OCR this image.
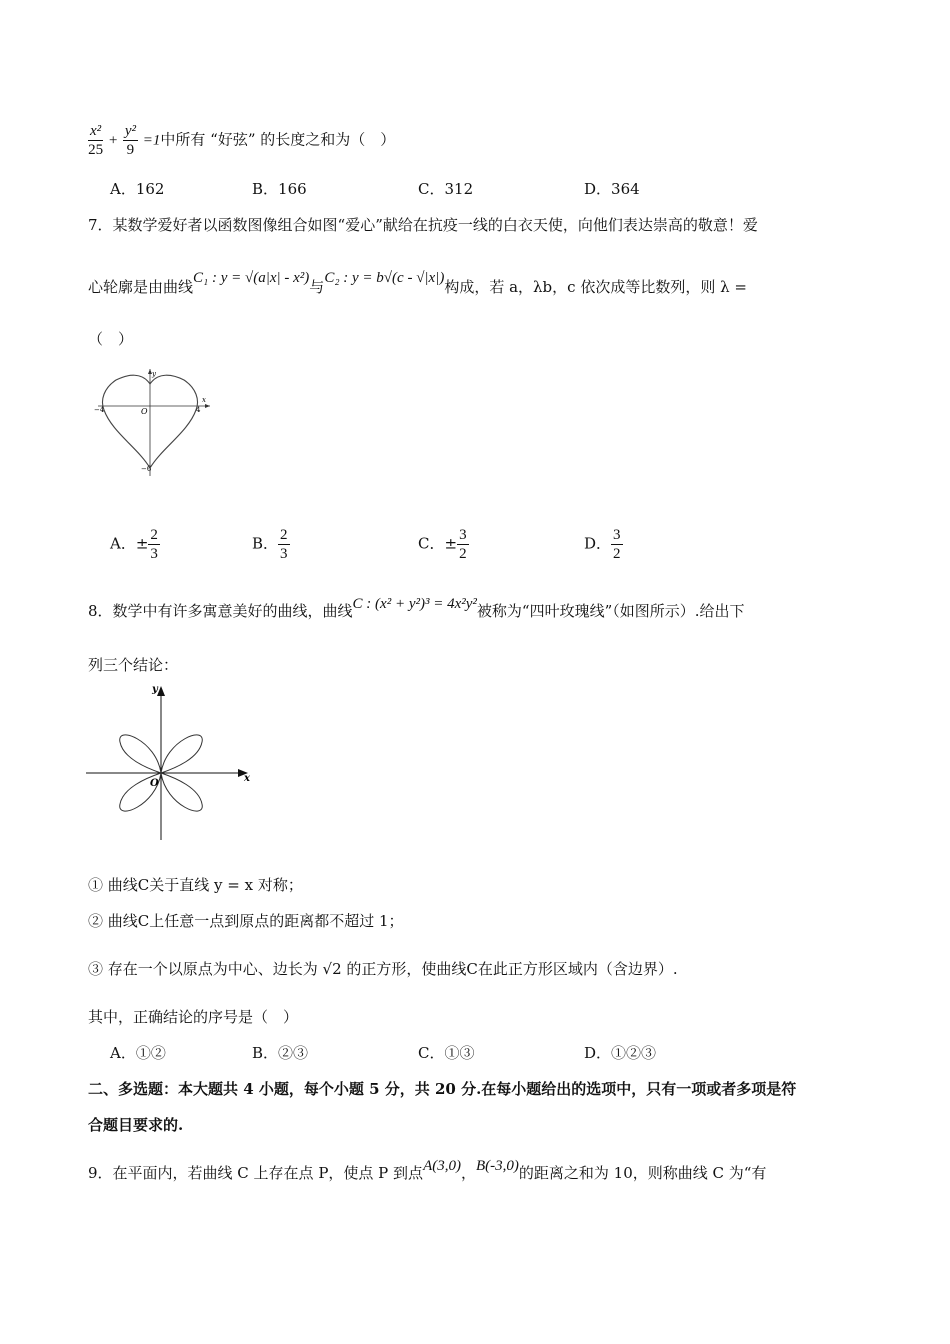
$\frac{\text{x²}}{25} + \frac{\text{y²}}{9} =1$中所有 “好弦” 的长度之和为（　）
A．162	B．166	C．312	D．364
7．某数学爱好者以函数图像组合如图“爱心”献给在抗疫一线的白衣天使，向他们表达崇高的敬意！爱
心轮廓是由曲线C₁ : y = √(a|x| - x²)与C₂ : y = b√(c - √|x|)构成，若 a，λb，c 依次成等比数列，则 λ =
（　）
y
x
O
−4	4
−6
A．± $\frac{2}{3}$	B． $\frac{2}{3}$	C．± $\frac{3}{2}$	D． $\frac{3}{2}$
8．数学中有许多寓意美好的曲线，曲线C : (x² + y²)³ = 4x²y²被称为“四叶玫瑰线”（如图所示）.给出下
列三个结论：
y
x
O
① 曲线C关于直线 y = x 对称；
② 曲线C上任意一点到原点的距离都不超过 1；
③ 存在一个以原点为中心、边长为 √2 的正方形，使曲线C在此正方形区域内（含边界）.
其中，正确结论的序号是（　）
A．①②	B．②③	C．①③	D．①②③
二、多选题：本大题共 4 小题，每个小题 5 分，共 20 分.在每小题给出的选项中，只有一项或者多项是符
合题目要求的.
9．在平面内，若曲线 C 上存在点 P，使点 P 到点A(3,0)，B(-3,0)的距离之和为 10，则称曲线 C 为“有
